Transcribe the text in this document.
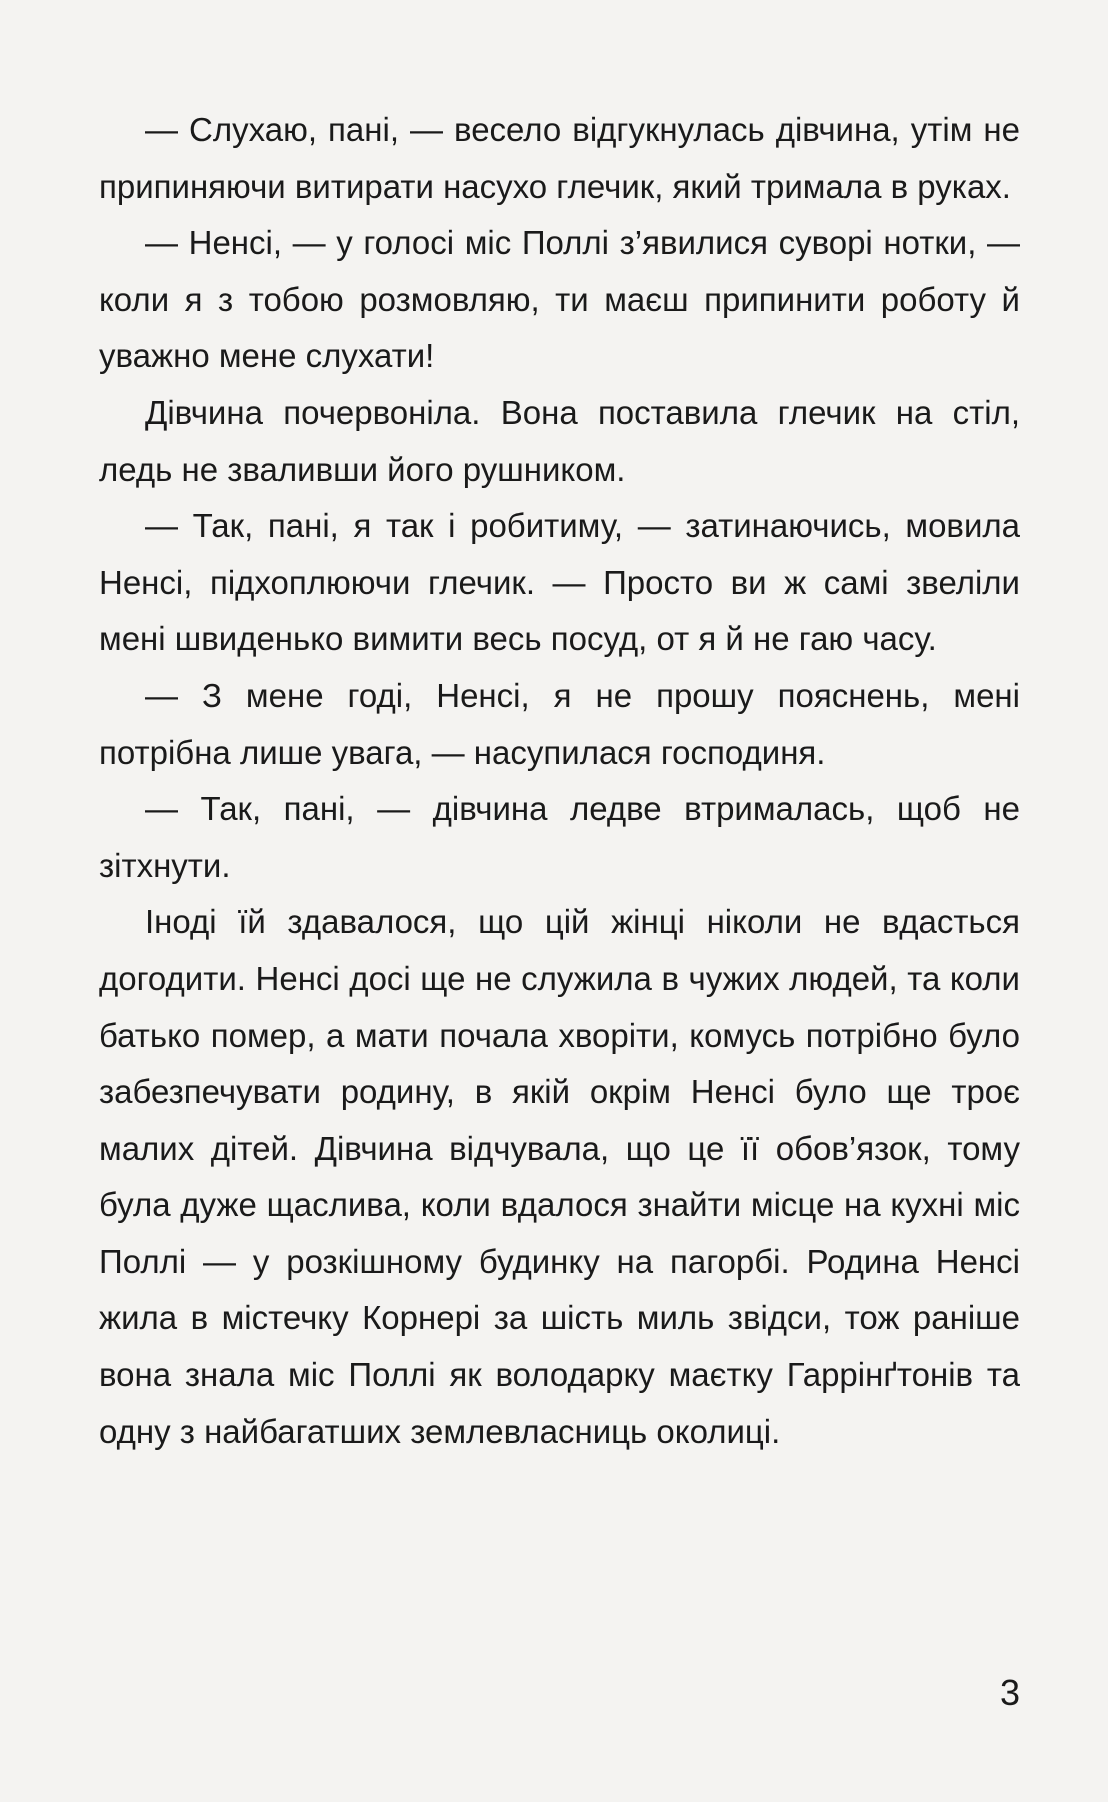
— Слухаю, пані, — весело відгукнулась дівчина, утім не припиняючи витирати насухо глечик, який тримала в руках.

— Ненсі, — у голосі міс Поллі з’явилися суворі нотки, — коли я з тобою розмовляю, ти маєш припинити роботу й уважно мене слухати!

Дівчина почервоніла. Вона поставила глечик на стіл, ледь не зваливши його рушником.

— Так, пані, я так і робитиму, — затинаючись, мовила Ненсі, підхоплюючи глечик. — Просто ви ж самі звеліли мені швиденько вимити весь посуд, от я й не гаю часу.

— З мене годі, Ненсі, я не прошу пояснень, мені потрібна лише увага, — насупилася господиня.

— Так, пані, — дівчина ледве втрималась, щоб не зітхнути.

Іноді їй здавалося, що цій жінці ніколи не вдасться догодити. Ненсі досі ще не служила в чужих людей, та коли батько помер, а мати почала хворіти, комусь потрібно було забезпечувати родину, в якій окрім Ненсі було ще троє малих дітей. Дівчина відчувала, що це її обов’язок, тому була дуже щаслива, коли вдалося знайти місце на кухні міс Поллі — у розкішному будинку на пагорбі. Родина Ненсі жила в містечку Корнері за шість миль звідси, тож раніше вона знала міс Поллі як володарку маєтку Гаррінґтонів та одну з найбагатших землевласниць околиці.

3
